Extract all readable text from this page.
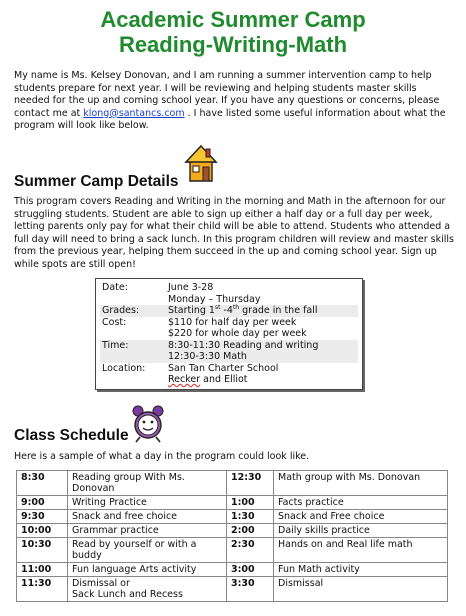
Academic Summer Camp
Reading-Writing-Math

My name is Ms. Kelsey Donovan, and I am running a summer intervention camp to help students prepare for next year. I will be reviewing and helping students master skills needed for the up and coming school year. If you have any questions or concerns, please contact me at klong@santancs.com . I have listed some useful information about what the program will look like below.

Summer Camp Details

This program covers Reading and Writing in the morning and Math in the afternoon for our struggling students. Student are able to sign up either a half day or a full day per week, letting parents only pay for what their child will be able to attend. Students who attended a full day will need to bring a sack lunch. In this program children will review and master skills from the previous year, helping them succeed in the up and coming school year. Sign up while spots are still open!

Date:	June 3-28
Monday – Thursday

Grades:	Starting 1st -4th grade in the fall
Cost:	$110 for half day per week
$220 for whole day per week

Time:	8:30-11:30 Reading and writing
12:30-3:30 Math

Location:	San Tan Charter School
Recker and Elliot
Class Schedule

Here is a sample of what a day in the program could look like.

8:30	Reading group With Ms. Donovan	12:30	Math group with Ms. Donovan
9:00	Writing Practice	1:00	Facts practice
9:30	Snack and free choice	1:30	Snack and Free choice
10:00	Grammar practice	2:00	Daily skills practice
10:30	Read by yourself or with a buddy	2:30	Hands on and Real life math
11:00	Fun language Arts activity	3:00	Fun Math activity
11:30	Dismissal or
Sack Lunch and Recess	3:30	Dismissal
